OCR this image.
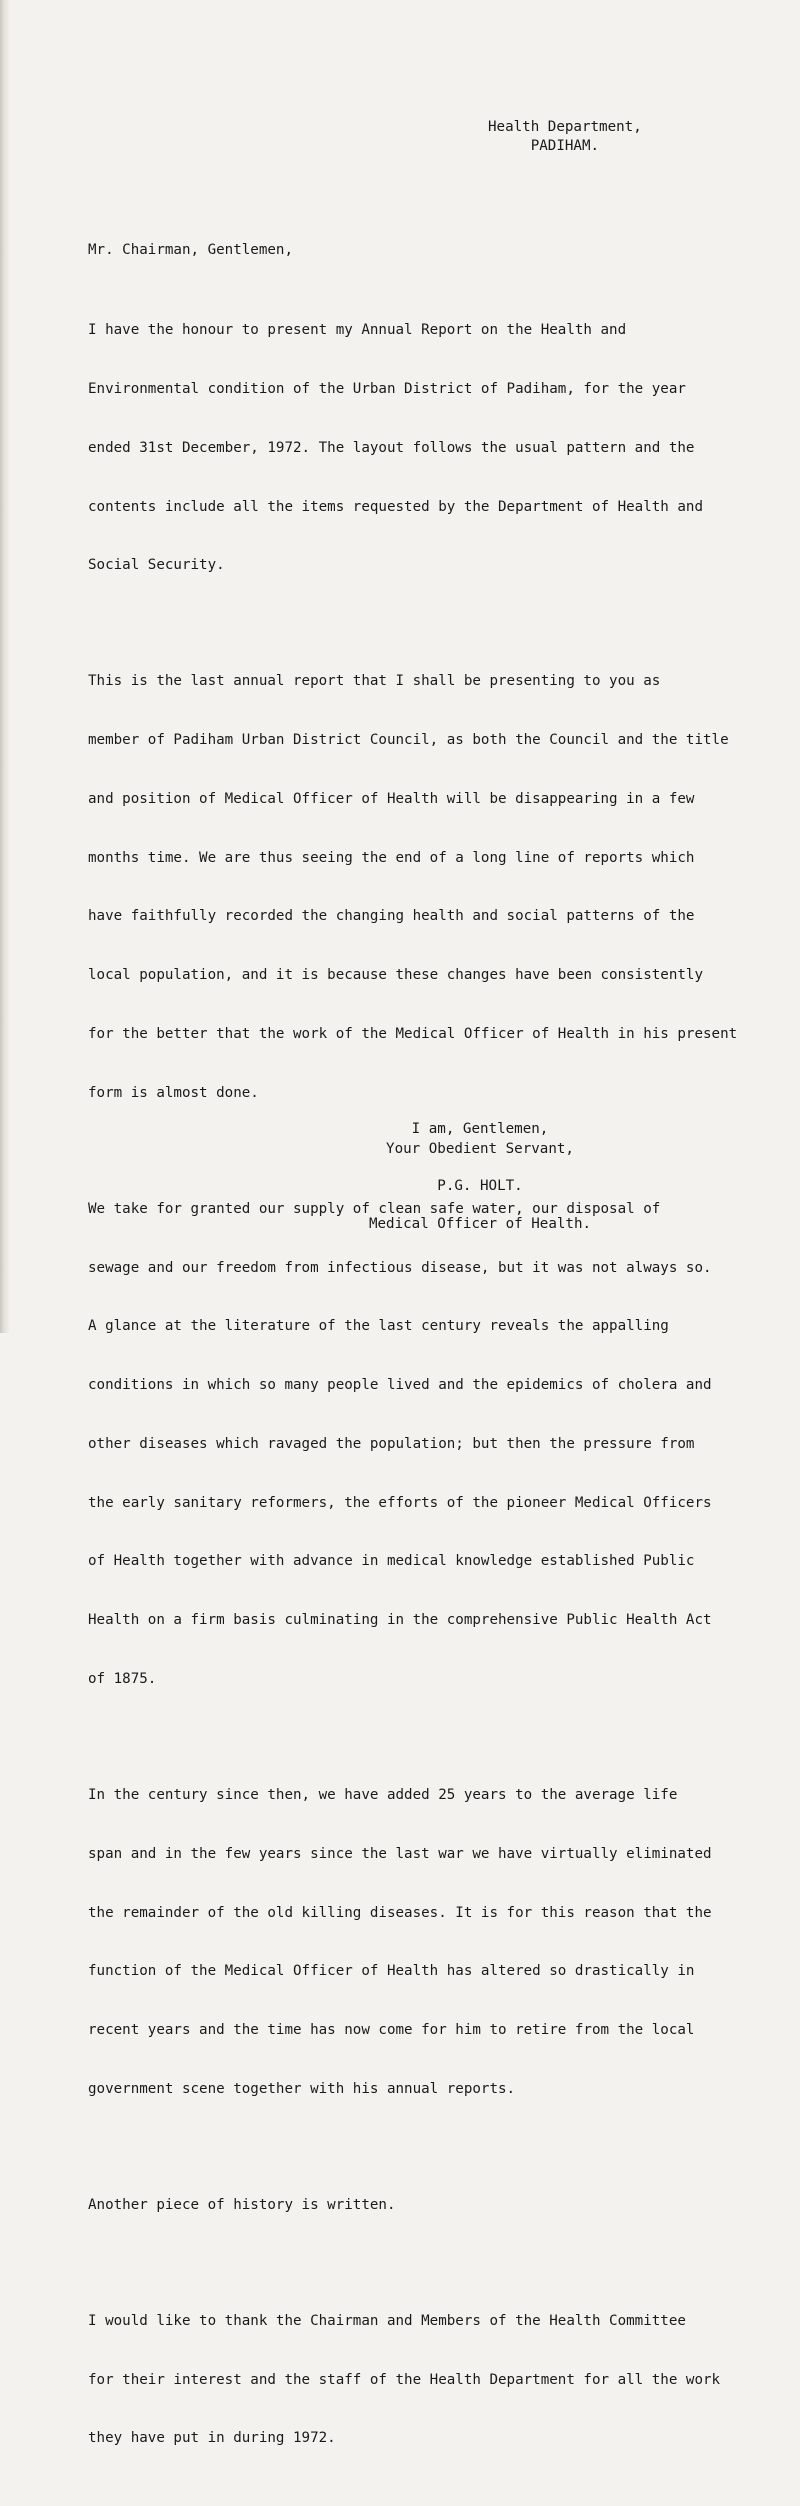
Health Department,
PADIHAM.
Mr. Chairman, Gentlemen,

I have the honour to present my Annual Report on the Health and

Environmental condition of the Urban District of Padiham, for the year

ended 31st December, 1972. The layout follows the usual pattern and the

contents include all the items requested by the Department of Health and

Social Security.

This is the last annual report that I shall be presenting to you as

member of Padiham Urban District Council, as both the Council and the title

and position of Medical Officer of Health will be disappearing in a few

months time. We are thus seeing the end of a long line of reports which

have faithfully recorded the changing health and social patterns of the

local population, and it is because these changes have been consistently

for the better that the work of the Medical Officer of Health in his present

form is almost done.

We take for granted our supply of clean safe water, our disposal of

sewage and our freedom from infectious disease, but it was not always so.

A glance at the literature of the last century reveals the appalling

conditions in which so many people lived and the epidemics of cholera and

other diseases which ravaged the population; but then the pressure from

the early sanitary reformers, the efforts of the pioneer Medical Officers

of Health together with advance in medical knowledge established Public

Health on a firm basis culminating in the comprehensive Public Health Act

of 1875.

In the century since then, we have added 25 years to the average life

span and in the few years since the last war we have virtually eliminated

the remainder of the old killing diseases. It is for this reason that the

function of the Medical Officer of Health has altered so drastically in

recent years and the time has now come for him to retire from the local

government scene together with his annual reports.

Another piece of history is written.

I would like to thank the Chairman and Members of the Health Committee

for their interest and the staff of the Health Department for all the work

they have put in during 1972.

I am, Gentlemen,
Your Obedient Servant,
P.G. HOLT.
Medical Officer of Health.
